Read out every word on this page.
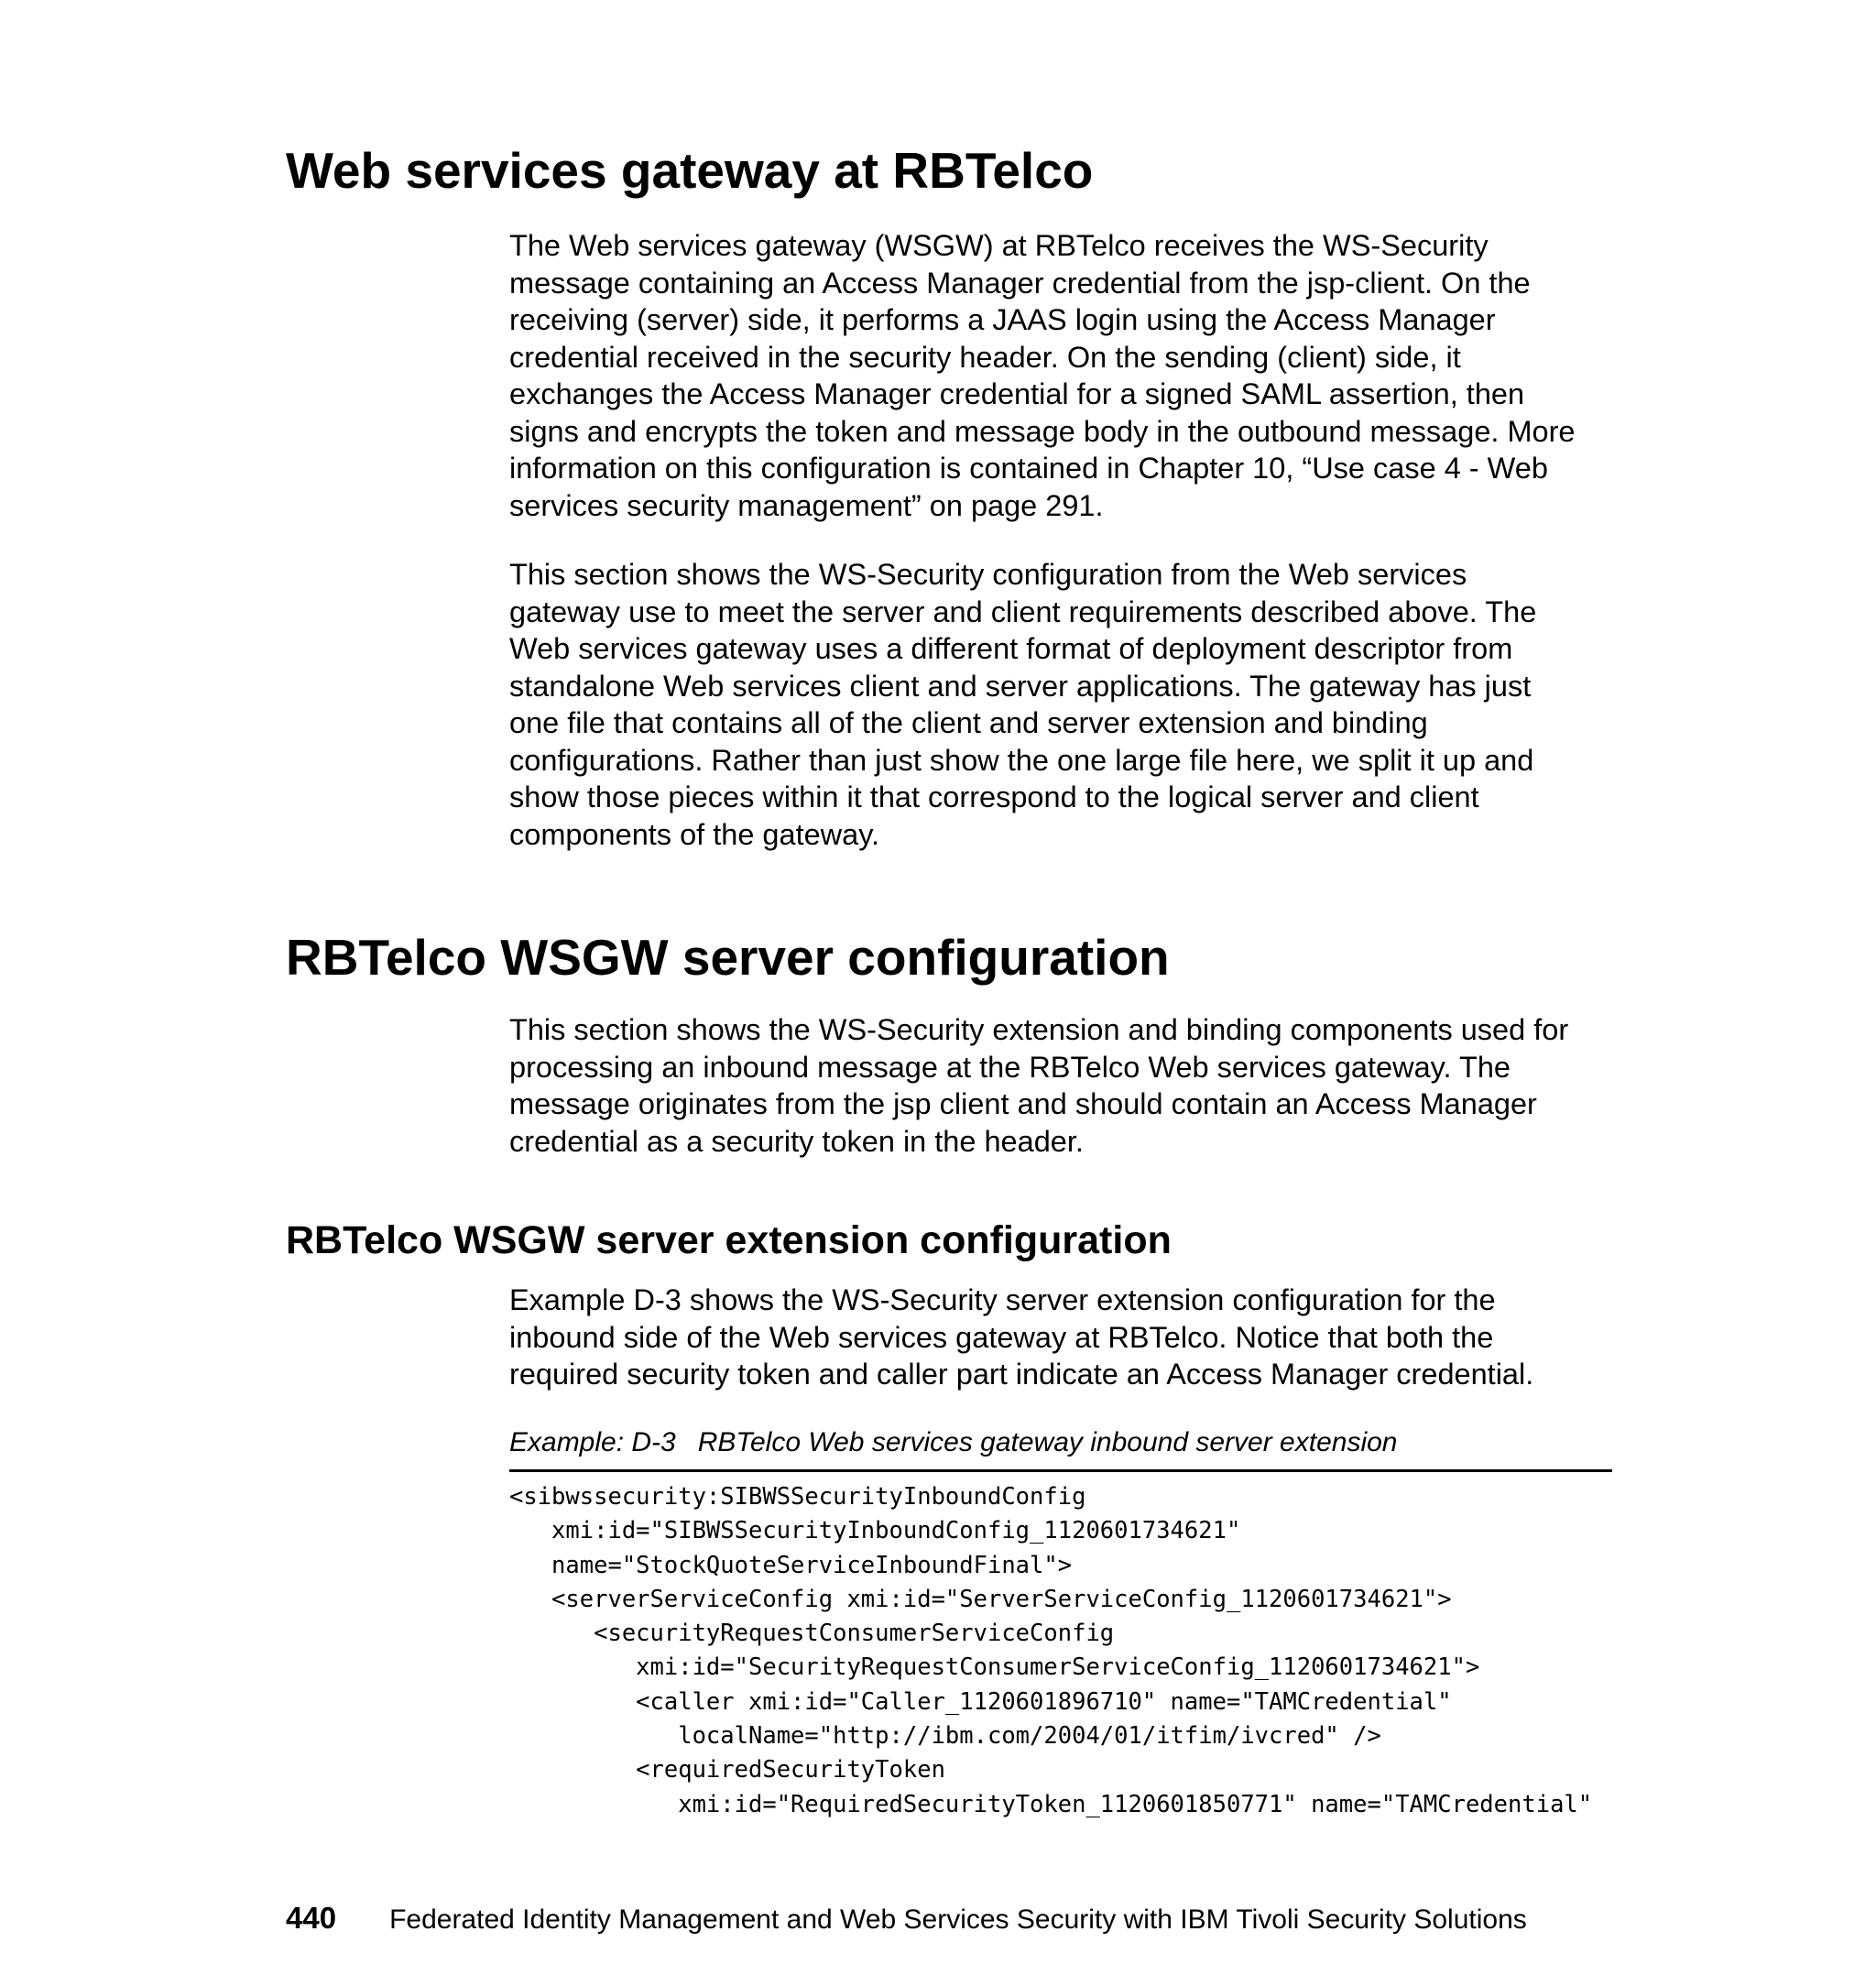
Web services gateway at RBTelco
The Web services gateway (WSGW) at RBTelco receives the WS-Security
message containing an Access Manager credential from the jsp-client. On the
receiving (server) side, it performs a JAAS login using the Access Manager
credential received in the security header. On the sending (client) side, it
exchanges the Access Manager credential for a signed SAML assertion, then
signs and encrypts the token and message body in the outbound message. More
information on this configuration is contained in Chapter 10, “Use case 4 - Web
services security management” on page 291.
This section shows the WS-Security configuration from the Web services
gateway use to meet the server and client requirements described above. The
Web services gateway uses a different format of deployment descriptor from
standalone Web services client and server applications. The gateway has just
one file that contains all of the client and server extension and binding
configurations. Rather than just show the one large file here, we split it up and
show those pieces within it that correspond to the logical server and client
components of the gateway.
RBTelco WSGW server configuration
This section shows the WS-Security extension and binding components used for
processing an inbound message at the RBTelco Web services gateway. The
message originates from the jsp client and should contain an Access Manager
credential as a security token in the header.
RBTelco WSGW server extension configuration
Example D-3 shows the WS-Security server extension configuration for the
inbound side of the Web services gateway at RBTelco. Notice that both the
required security token and caller part indicate an Access Manager credential.
Example: D-3 RBTelco Web services gateway inbound server extension
<sibwssecurity:SIBWSSecurityInboundConfig
xmi:id="SIBWSSecurityInboundConfig_1120601734621"
name="StockQuoteServiceInboundFinal">
<serverServiceConfig xmi:id="ServerServiceConfig_1120601734621">
<securityRequestConsumerServiceConfig
xmi:id="SecurityRequestConsumerServiceConfig_1120601734621">
<caller xmi:id="Caller_1120601896710" name="TAMCredential"
localName="http://ibm.com/2004/01/itfim/ivcred" />
<requiredSecurityToken
xmi:id="RequiredSecurityToken_1120601850771" name="TAMCredential"
440 Federated Identity Management and Web Services Security with IBM Tivoli Security Solutions
